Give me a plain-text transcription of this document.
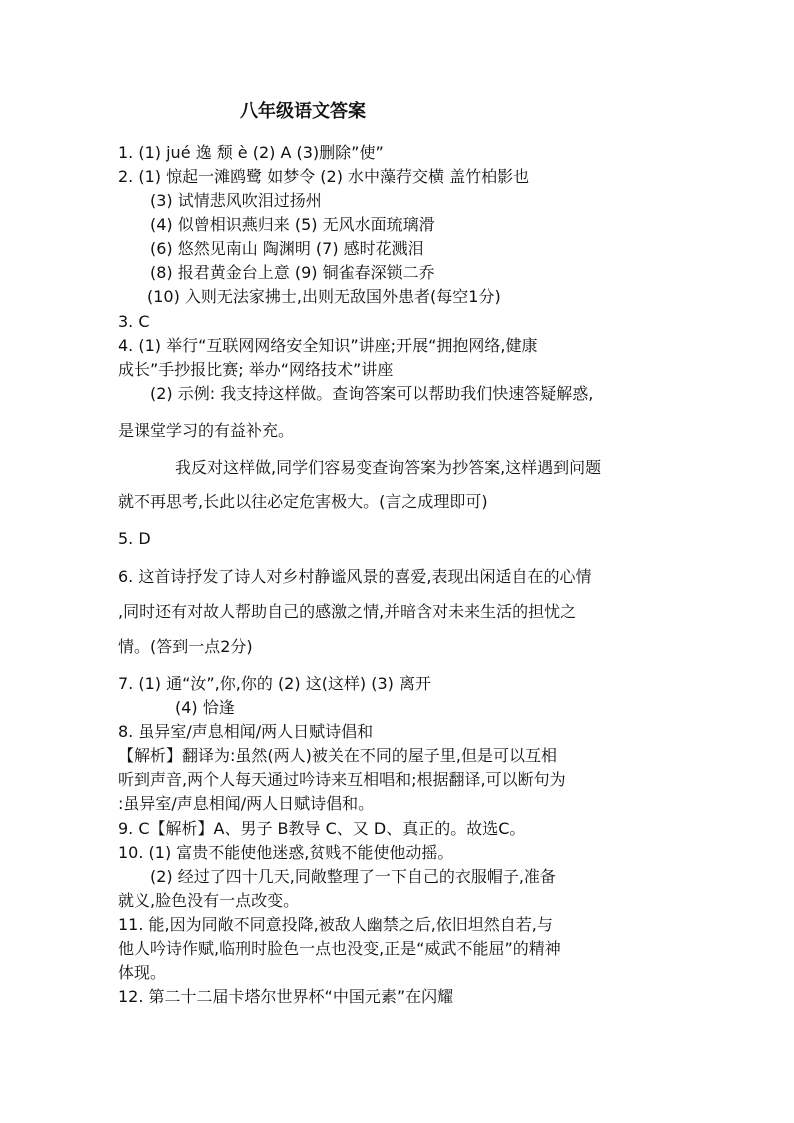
八年级语文答案
1. (1) jué 逸 颓 è (2) A (3)删除”使”
2. (1) 惊起一滩鸥鹭 如梦令 (2) 水中藻荇交横 盖竹柏影也
(3) 试情悲风吹泪过扬州
(4) 似曾相识燕归来 (5) 无风水面琉璃滑
(6) 悠然见南山 陶渊明 (7) 感时花溅泪
(8) 报君黄金台上意 (9) 铜雀春深锁二乔
(10) 入则无法家拂士,出则无敌国外患者(每空1分)
3. C
4. (1) 举行“互联网网络安全知识”讲座;开展“拥抱网络,健康
成长”手抄报比赛; 举办“网络技术”讲座
(2) 示例: 我支持这样做。查询答案可以帮助我们快速答疑解惑,
是课堂学习的有益补充。
我反对这样做,同学们容易变查询答案为抄答案,这样遇到问题
就不再思考,长此以往必定危害极大。(言之成理即可)
5. D
6. 这首诗抒发了诗人对乡村静谧风景的喜爱,表现出闲适自在的心情
,同时还有对故人帮助自己的感激之情,并暗含对未来生活的担忧之
情。(答到一点2分)
7. (1) 通“汝”,你,你的 (2) 这(这样) (3) 离开
(4) 恰逢
8. 虽异室/声息相闻/两人日赋诗倡和
【解析】翻译为:虽然(两人)被关在不同的屋子里,但是可以互相
听到声音,两个人每天通过吟诗来互相唱和;根据翻译,可以断句为
:虽异室/声息相闻/两人日赋诗倡和。
9. C【解析】A、男子 B教导 C、又 D、真正的。故选C。
10. (1) 富贵不能使他迷惑,贫贱不能使他动摇。
(2) 经过了四十几天,同敞整理了一下自己的衣服帽子,准备
就义,脸色没有一点改变。
11. 能,因为同敞不同意投降,被敌人幽禁之后,依旧坦然自若,与
他人吟诗作赋,临刑时脸色一点也没变,正是“威武不能屈”的精神
体现。
12. 第二十二届卡塔尔世界杯“中国元素”在闪耀
